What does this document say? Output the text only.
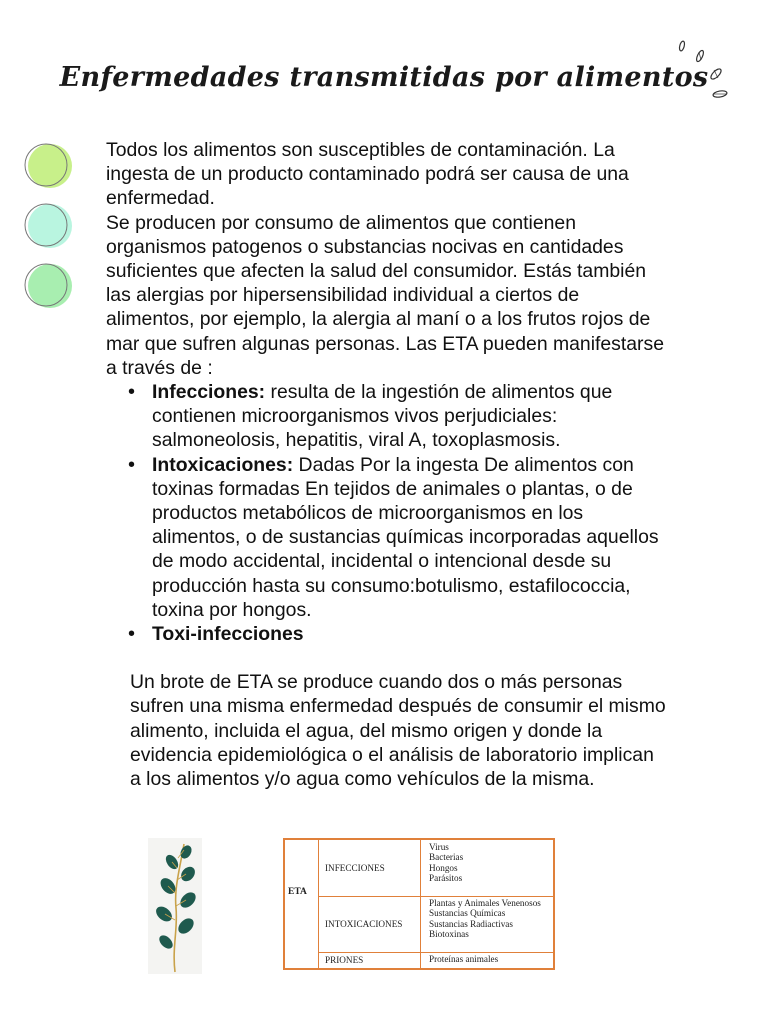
Enfermedades transmitidas por alimentos

Todos los alimentos son susceptibles de contaminación. La ingesta de un producto contaminado podrá ser causa de una enfermedad.

Se producen por consumo de alimentos que contienen organismos patogenos o substancias nocivas en cantidades suficientes que afecten la salud del consumidor. Estás también las alergias por hipersensibilidad individual a ciertos de alimentos, por ejemplo, la alergia al maní o a los frutos rojos de mar que sufren algunas personas. Las ETA pueden manifestarse a través de :

• Infecciones: resulta de la ingestión de alimentos que contienen microorganismos vivos perjudiciales: salmoneolosis, hepatitis, viral A, toxoplasmosis.
• Intoxicaciones: Dadas Por la ingesta De alimentos con toxinas formadas En tejidos de animales o plantas, o de productos metabólicos de microorganismos en los alimentos, o de sustancias químicas incorporadas aquellos de modo accidental, incidental o intencional desde su producción hasta su consumo:botulismo, estafilococcia, toxina por hongos.
• Toxi-infecciones

Un brote de ETA se produce cuando dos o más personas sufren una misma enfermedad después de consumir el mismo alimento, incluida el agua, del mismo origen y donde la evidencia epidemiológica o el análisis de laboratorio implican a los alimentos y/o agua como vehículos de la misma.

ETA
INFECCIONES
Virus
Bacterias
Hongos
Parásitos
INTOXICACIONES
Plantas y Animales Venenosos
Sustancias Químicas
Sustancias Radiactivas
Biotoxinas
PRIONES	Proteínas animales
